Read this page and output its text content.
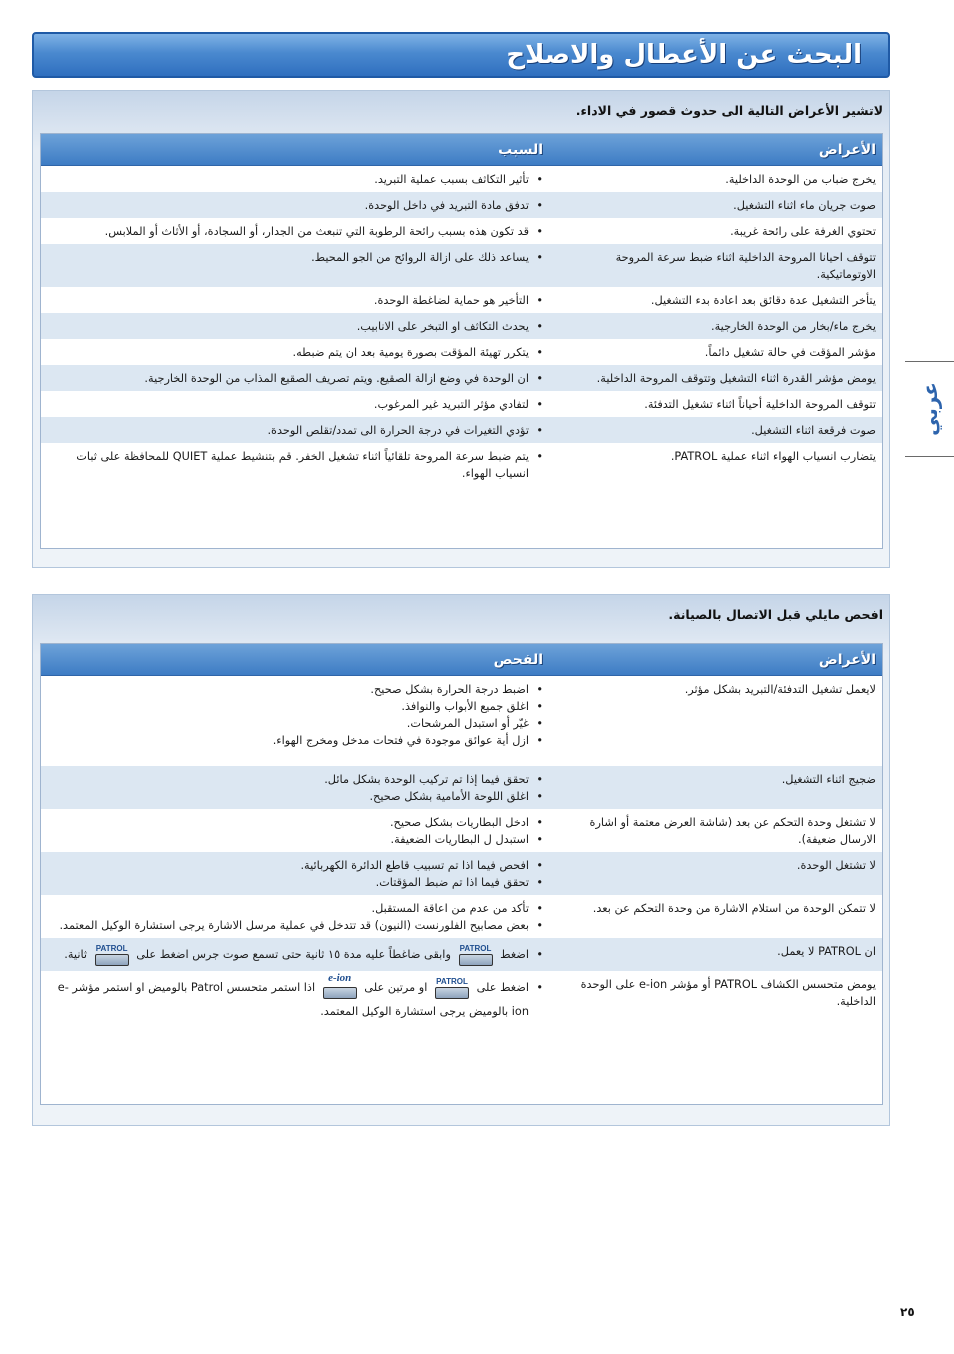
البحث عن الأعطال والاصلاح
عربي
لاتشير الأعراض التالية الى حدوث قصور في الاداء.
الأعراض
السبب
يخرج ضباب من الوحدة الداخلية.
• تأثير التكاثف بسبب عملية التبريد.
صوت جريان ماء اثناء التشغيل.
• تدفق مادة التبريد في داخل الوحدة.
تحتوي الغرفة على رائحة غريبة.
• قد تكون هذه بسبب رائحة الرطوبة التي تنبعث من الجدار، أو السجادة، أو الأثاث أو الملابس.
تتوقف احيانا المروحة الداخلية اثناء ضبط سرعة المروحة الاوتوماتيكية.
• يساعد ذلك على ازالة الروائح من الجو المحيط.
يتأخر التشغيل عدة دقائق بعد اعادة بدء التشغيل.
• التأخير هو حماية لضاغطة الوحدة.
يخرج ماء/بخار من الوحدة الخارجية.
• يحدث التكاثف او التبخر على الانابيب.
مؤشر المؤقت في حالة تشغيل دائماً.
• يتكرر تهيئة المؤقت بصورة يومية بعد ان يتم ضبطه.
يومض مؤشر القدرة اثناء التشغيل وتتوقف المروحة الداخلية.
• ان الوحدة في وضع ازالة الصقيع. ويتم تصريف الصقيع المذاب من الوحدة الخارجية.
تتوقف المروحة الداخلية أحياناً اثناء تشغيل التدفئة.
• لتفادي مؤثر التبريد غير المرغوب.
صوت فرقعة اثناء التشغيل.
• تؤدي التغيرات في درجة الحرارة الى تمدد/تقلص الوحدة.
يتضارب انسياب الهواء اثناء عملية PATROL.
• يتم ضبط سرعة المروحة تلقائياً اثناء تشغيل الخفر. قم بتنشيط عملية QUIET للمحافظة على ثبات انسياب الهواء.
افحص مايلي قبل الاتصال بالصيانة.
الأعراض
الفحص
لايعمل تشغيل التدفئة/التبريد بشكل مؤثر.
• اضبط درجة الحرارة بشكل صحيح.
• اغلق جميع الأبواب والنوافذ.
• غيّر أو استبدل المرشحات.
• ازل أية عوائق موجودة في فتحات مدخل ومخرج الهواء.
ضجيج اثناء التشغيل.
• تحقق فيما إذا تم تركيب الوحدة بشكل مائل.
• اغلق اللوحة الأمامية بشكل صحيح.
لا تشتغل وحدة التحكم عن بعد (شاشة العرض معتمة أو اشارة الارسال ضعيفة).
• ادخل البطاريات بشكل صحيح.
• استبدل ل البطاريات الضعيفة.
لا تشتغل الوحدة.
• افحص فيما اذا تم تسبيب قاطع الدائرة الكهربائية.
• تحقق فيما اذا تم ضبط المؤقتات.
لا تتمكن الوحدة من استلام الاشارة من وحدة التحكم عن بعد.
• تأكد من عدم من اعاقة المستقبل.
• بعض مصابيح الفلورنست (النيون) قد تتدخل في عملية مرسل الاشارة يرجى استشارة الوكيل المعتمد.
ان PATROL لا يعمل.
• اضغط
PATROL
وابقى ضاغطاً عليه مدة ١٥ ثانية حتى تسمع صوت جرس اضغط على
PATROL
ثانية.
يومض متحسس الكشاف PATROL أو مؤشر e-ion على الوحدة الداخلية.
• اضغط على
PATROL
او مرتين على
e-ion
اذا استمر متحسس Patrol بالوميض او استمر مؤشر e-ion بالوميض يرجى استشارة الوكيل المعتمد.
٢٥
